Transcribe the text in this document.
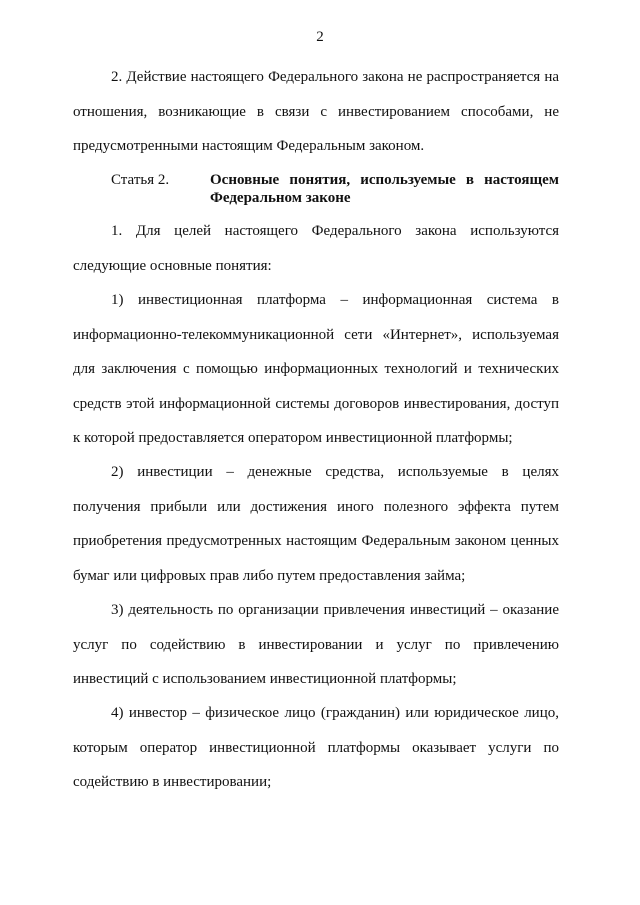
2

2. Действие настоящего Федерального закона не распространяется на отношения, возникающие в связи с инвестированием способами, не предусмотренными настоящим Федеральным законом.

Статья 2.	Основные понятия, используемые в настоящем Федеральном законе

1. Для целей настоящего Федерального закона используются следующие основные понятия:

1) инвестиционная платформа – информационная система в информационно-телекоммуникационной сети «Интернет», используемая для заключения с помощью информационных технологий и технических средств этой информационной системы договоров инвестирования, доступ к которой предоставляется оператором инвестиционной платформы;

2) инвестиции – денежные средства, используемые в целях получения прибыли или достижения иного полезного эффекта путем приобретения предусмотренных настоящим Федеральным законом ценных бумаг или цифровых прав либо путем предоставления займа;

3) деятельность по организации привлечения инвестиций – оказание услуг по содействию в инвестировании и услуг по привлечению инвестиций с использованием инвестиционной платформы;

4) инвестор – физическое лицо (гражданин) или юридическое лицо, которым оператор инвестиционной платформы оказывает услуги по содействию в инвестировании;
